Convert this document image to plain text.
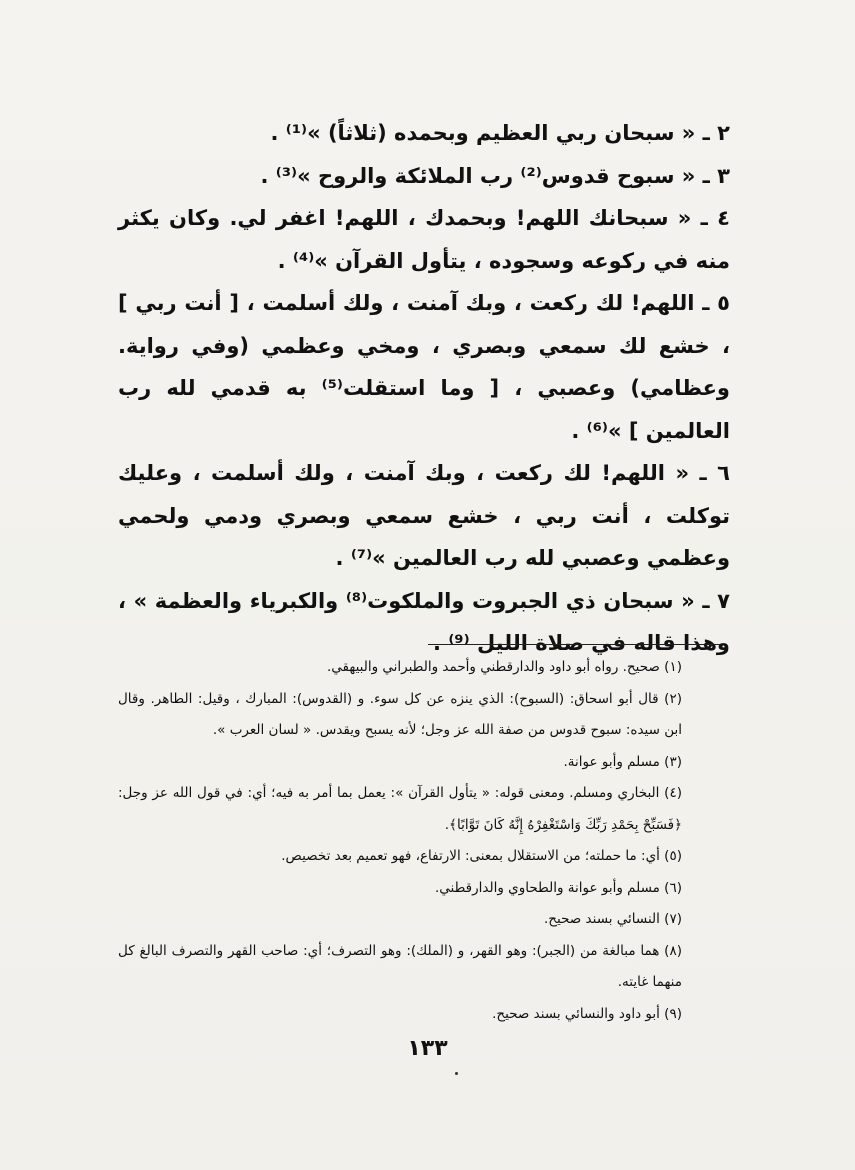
٢ ـ « سبحان ربي العظيم وبحمده (ثلاثاً) »⁽¹⁾ .

٣ ـ « سبوح قدوس⁽²⁾ رب الملائكة والروح »⁽³⁾ .

٤ ـ « سبحانك اللهم! وبحمدك ، اللهم! اغفر لي. وكان يكثر منه في ركوعه وسجوده ، يتأول القرآن »⁽⁴⁾ .

٥ ـ اللهم! لك ركعت ، وبك آمنت ، ولك أسلمت ، [ أنت ربي ] ، خشع لك سمعي وبصري ، ومخي وعظمي (وفي رواية. وعظامي) وعصبي ، [ وما استقلت⁽⁵⁾ به قدمي لله رب العالمين ] »⁽⁶⁾ .

٦ ـ « اللهم! لك ركعت ، وبك آمنت ، ولك أسلمت ، وعليك توكلت ، أنت ربي ، خشع سمعي وبصري ودمي ولحمي وعظمي وعصبي لله رب العالمين »⁽⁷⁾ .

٧ ـ « سبحان ذي الجبروت والملكوت⁽⁸⁾ والكبرياء والعظمة » ، وهذا قاله في صلاة الليل ⁽⁹⁾ .

(١) صحيح. رواه أبو داود والدارقطني وأحمد والطبراني والبيهقي.

(٢) قال أبو اسحاق: (السبوح): الذي ينزه عن كل سوء. و (القدوس): المبارك ، وقيل: الطاهر. وقال ابن سيده: سبوح قدوس من صفة الله عز وجل؛ لأنه يسبح ويقدس. « لسان العرب ».

(٣) مسلم وأبو عوانة.

(٤) البخاري ومسلم. ومعنى قوله: « يتأول القرآن »: يعمل بما أمر به فيه؛ أي: في قول الله عز وجل: ﴿فَسَبِّحْ بِحَمْدِ رَبِّكَ وَاسْتَغْفِرْهُ إِنَّهُ كَانَ تَوَّابًا﴾.

(٥) أي: ما حملته؛ من الاستقلال بمعنى: الارتفاع، فهو تعميم بعد تخصيص.

(٦) مسلم وأبو عوانة والطحاوي والدارقطني.

(٧) النسائي بسند صحيح.

(٨) هما مبالغة من (الجبر): وهو القهر، و (الملك): وهو التصرف؛ أي: صاحب القهر والتصرف البالغ كل منهما غايته.

(٩) أبو داود والنسائي بسند صحيح.

١٣٣
